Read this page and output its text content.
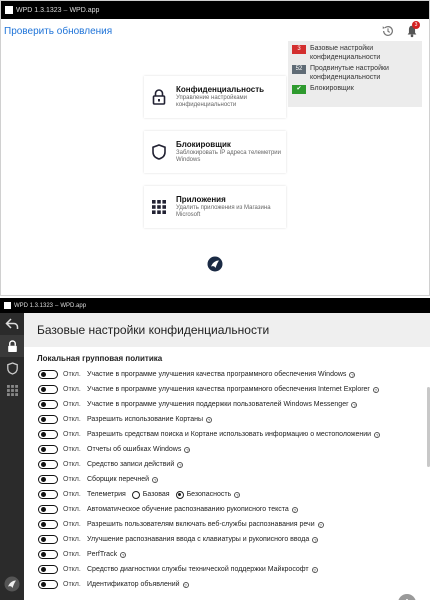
WPD 1.3.1323 – WPD.app
Проверить обновления
3
3	Базовые настройки конфиденциальности
52	Продвинутые настройки конфиденциальности
✔	Блокировщик
Конфиденциальность
Управление настройками конфиденциальности
Блокировщик
Заблокировать IP адреса телеметрии Windows
Приложения
Удалить приложения из Магазина Microsoft
WPD 1.3.1323 – WPD.app
Базовые настройки конфиденциальности
Локальная групповая политика
Откл. Участие в программе улучшения качества программного обеспечения Windows	?
Откл. Участие в программе улучшения качества программного обеспечения Internet Explorer	?
Откл. Участие в программе улучшения поддержки пользователей Windows Messenger	?
Откл. Разрешить использование Кортаны	?
Откл. Разрешить средствам поиска и Кортане использовать информацию о местоположении	?
Откл. Отчеты об ошибках Windows	?
Откл. Средство записи действий	?
Откл. Сборщик перечней	?
Откл. Телеметрия Базовая Безопасность	?
Откл. Автоматическое обучение распознаванию рукописного текста	?
Откл. Разрешить пользователям включать веб-службы распознавания речи	?
Откл. Улучшение распознавания ввода с клавиатуры и рукописного ввода	?
Откл. PerfTrack	?
Откл. Средство диагностики службы технической поддержки Майкрософт	?
Откл. Идентификатор объявлений	?
